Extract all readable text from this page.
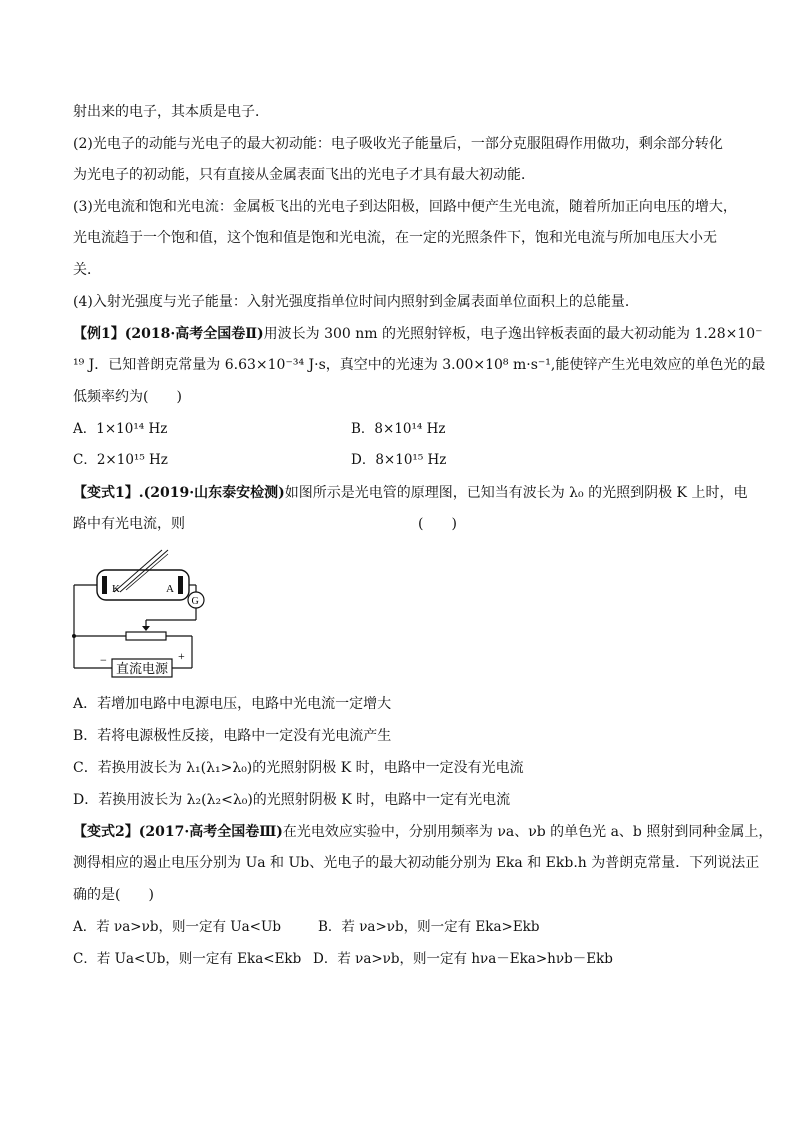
射出来的电子，其本质是电子．
(2)光电子的动能与光电子的最大初动能：电子吸收光子能量后，一部分克服阻碍作用做功，剩余部分转化
为光电子的初动能，只有直接从金属表面飞出的光电子才具有最大初动能．
(3)光电流和饱和光电流：金属板飞出的光电子到达阳极，回路中便产生光电流，随着所加正向电压的增大，
光电流趋于一个饱和值，这个饱和值是饱和光电流，在一定的光照条件下，饱和光电流与所加电压大小无
关．
(4)入射光强度与光子能量：入射光强度指单位时间内照射到金属表面单位面积上的总能量．
【例1】(2018·高考全国卷Ⅱ)用波长为 300 nm 的光照射锌板，电子逸出锌板表面的最大初动能为 1.28×10⁻
¹⁹ J．已知普朗克常量为 6.63×10⁻³⁴ J·s，真空中的光速为 3.00×10⁸ m·s⁻¹,能使锌产生光电效应的单色光的最
低频率约为(　　)
A．1×10¹⁴ Hz	B．8×10¹⁴ Hz
C．2×10¹⁵ Hz	D．8×10¹⁵ Hz
【变式1】.(2019·山东泰安检测)如图所示是光电管的原理图，已知当有波长为 λ₀ 的光照到阴极 K 上时，电
路中有光电流，则	(　　)
K	A
G
直流电源
−	+
A．若增加电路中电源电压，电路中光电流一定增大
B．若将电源极性反接，电路中一定没有光电流产生
C．若换用波长为 λ₁(λ₁>λ₀)的光照射阴极 K 时，电路中一定没有光电流
D．若换用波长为 λ₂(λ₂<λ₀)的光照射阴极 K 时，电路中一定有光电流
【变式2】(2017·高考全国卷Ⅲ)在光电效应实验中，分别用频率为 νa、νb 的单色光 a、b 照射到同种金属上，
测得相应的遏止电压分别为 Ua 和 Ub、光电子的最大初动能分别为 Eka 和 Ekb.h 为普朗克常量．下列说法正
确的是(　　)
A．若 νa>νb，则一定有 Ua<Ub	B．若 νa>νb，则一定有 Eka>Ekb
C．若 Ua<Ub，则一定有 Eka<Ekb D．若 νa>νb，则一定有 hνa－Eka>hνb－Ekb
